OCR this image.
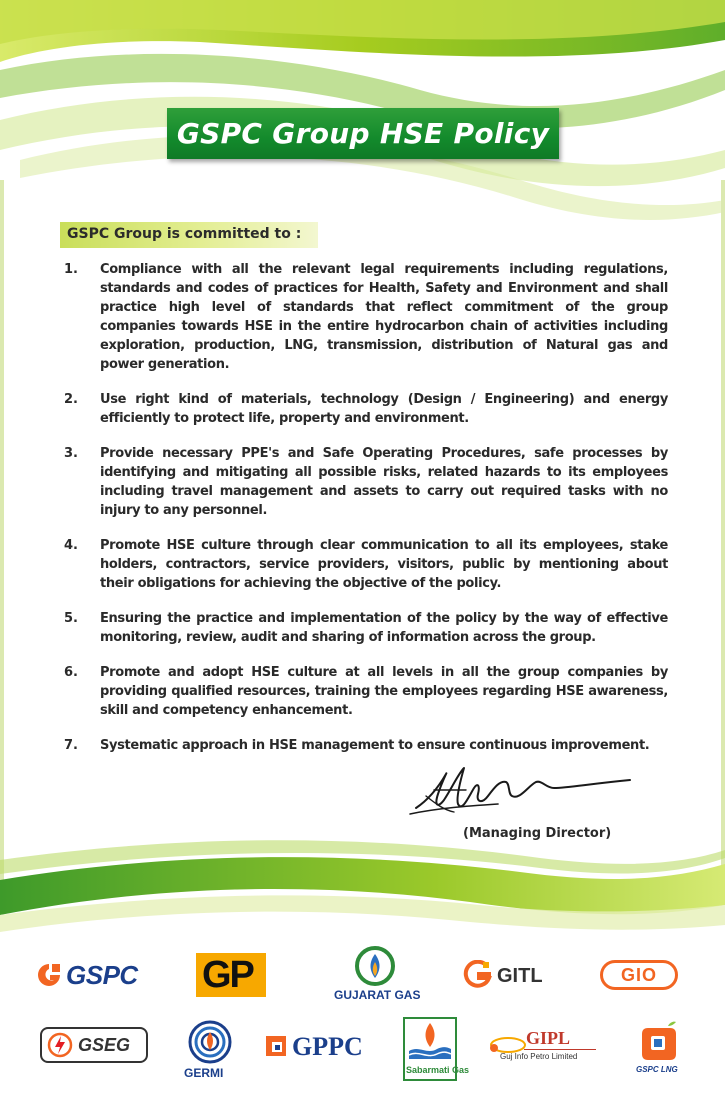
GSPC Group HSE Policy
GSPC Group is committed to :
1.	Compliance with all the relevant legal requirements including regulations, standards and codes of practices for Health, Safety and Environment and shall practice high level of standards that reflect commitment of the group companies towards HSE in the entire hydrocarbon chain of activities including exploration, production, LNG, transmission, distribution of Natural gas and power generation.
2.	Use right kind of materials, technology (Design / Engineering) and energy efficiently to protect life, property and environment.
3.	Provide necessary PPE's and Safe Operating Procedures, safe processes by identifying and mitigating all possible risks, related hazards to its employees including travel management and assets to carry out required tasks with no injury to any personnel.
4.	Promote HSE culture through clear communication to all its employees, stake holders, contractors, service providers, visitors, public by mentioning about their obligations for achieving the objective of the policy.
5.	Ensuring the practice and implementation of the policy by the way of effective monitoring, review, audit and sharing of information across the group.
6.	Promote and adopt HSE culture at all levels in all the group companies by providing qualified resources, training the employees regarding HSE awareness, skill and competency enhancement.
7.	Systematic approach in HSE management to ensure continuous improvement.
(Managing Director)
GSPC GP	GUJARAT GAS
GITL	GIO
GSEG
GERMI
GPPC
Sabarmati Gas
GIPL
Guj Info Petro Limited
GSPC LNG
